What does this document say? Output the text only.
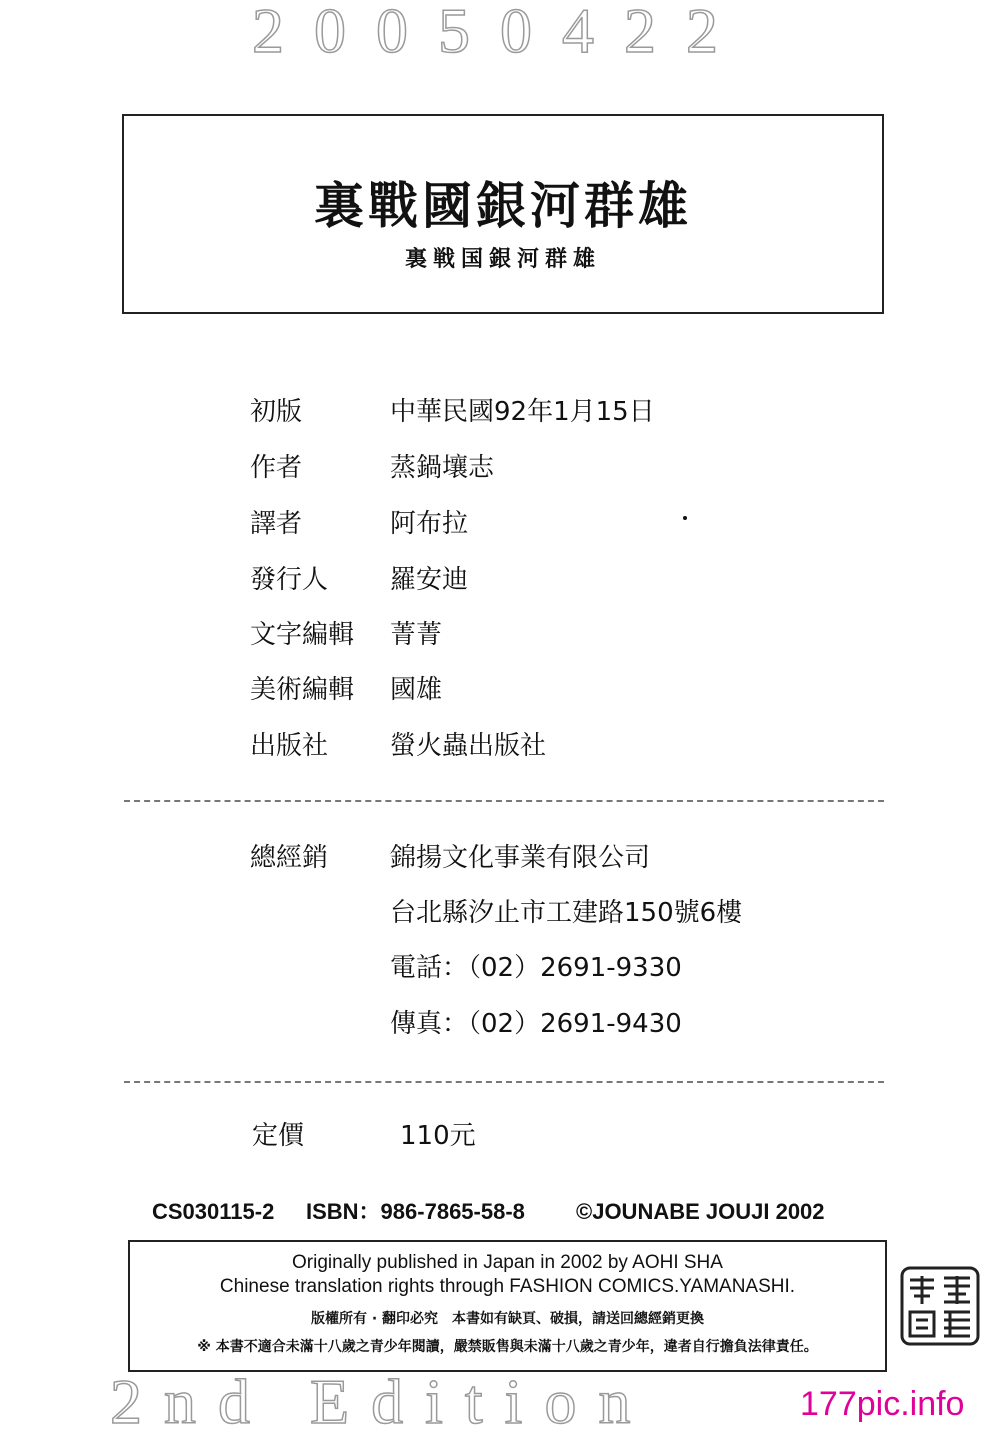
20050422
裏戰國銀河群雄
裏戦国銀河群雄
初版	中華民國92年1月15日
作者	蒸鍋壤志
譯者	阿布拉
發行人 羅安迪
文字編輯 菁菁
美術編輯 國雄
出版社 螢火蟲出版社
總經銷 錦揚文化事業有限公司
台北縣汐止市工建路150號6樓
電話：（02）2691-9330
傳真：（02）2691-9430
定價	110元
CS030115-2 ISBN：986-7865-58-8 ©JOUNABE JOUJI 2002
Originally published in Japan in 2002 by AOHI SHA
Chinese translation rights through FASHION COMICS.YAMANASHI.
版權所有 · 翻印必究　本書如有缺頁、破損，請送回總經銷更換
※ 本書不適合未滿十八歲之青少年閱讀，嚴禁販售與未滿十八歲之青少年，違者自行擔負法律責任。
2nd Edition	177pic.info
